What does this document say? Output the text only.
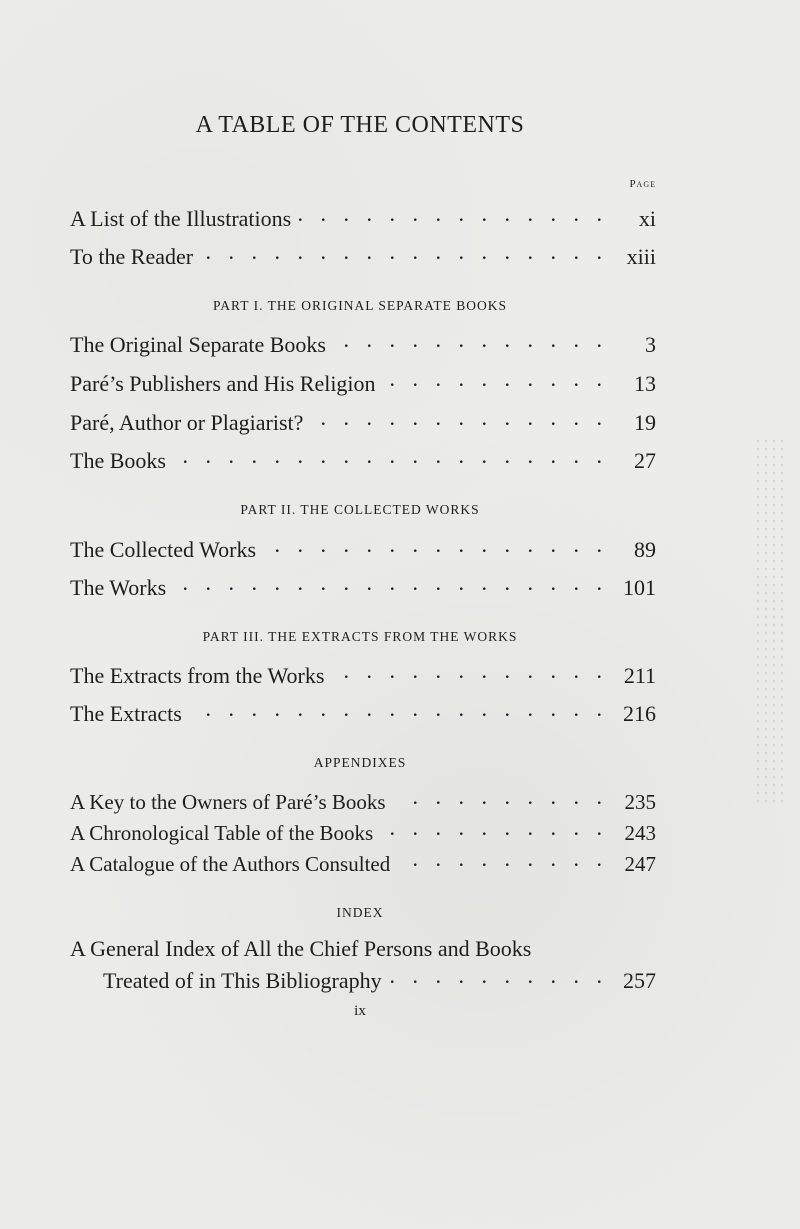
A TABLE OF THE CONTENTS
Page
A List of the Illustrations . . .	xi
To the Reader . . .	xiii
PART I. THE ORIGINAL SEPARATE BOOKS
The Original Separate Books . . .	3
Paré’s Publishers and His Religion . . .	13
Paré, Author or Plagiarist? . . .	19
The Books . . .	27
PART II. THE COLLECTED WORKS
The Collected Works . . .	89
The Works . . .	101
PART III. THE EXTRACTS FROM THE WORKS
The Extracts from the Works . . .	211
The Extracts . . .	216
APPENDIXES
A Key to the Owners of Paré’s Books . . .	235
A Chronological Table of the Books . . .	243
A Catalogue of the Authors Consulted . . .	247
INDEX
A General Index of All the Chief Persons and Books
Treated of in This Bibliography . . .	257
ix
